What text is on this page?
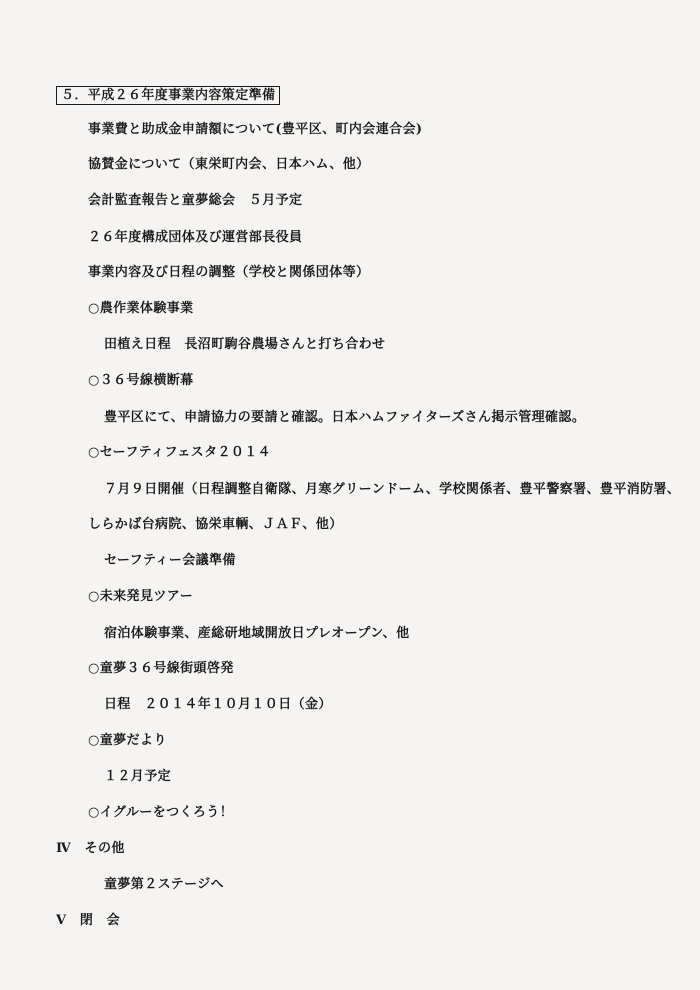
５．平成２６年度事業内容策定準備
事業費と助成金申請額について(豊平区、町内会連合会)
協賛金について（東栄町内会、日本ハム、他）
会計監査報告と童夢総会　５月予定
２６年度構成団体及び運営部長役員
事業内容及び日程の調整（学校と関係団体等）
○農作業体験事業
田植え日程　長沼町駒谷農場さんと打ち合わせ
○３６号線横断幕
豊平区にて、申請協力の要請と確認。日本ハムファイターズさん掲示管理確認。
○セーフティフェスタ２０１４
７月９日開催（日程調整自衛隊、月寒グリーンドーム、学校関係者、豊平警察署、豊平消防署、
しらかば台病院、協栄車輌、ＪＡＦ、他）
セーフティー会議準備
○未来発見ツアー
宿泊体験事業、産総研地域開放日プレオープン、他
○童夢３６号線街頭啓発
日程　２０１４年１０月１０日（金）
○童夢だより
１２月予定
○イグルーをつくろう！
Ⅳ　その他
童夢第２ステージへ
Ⅴ　閉　会
